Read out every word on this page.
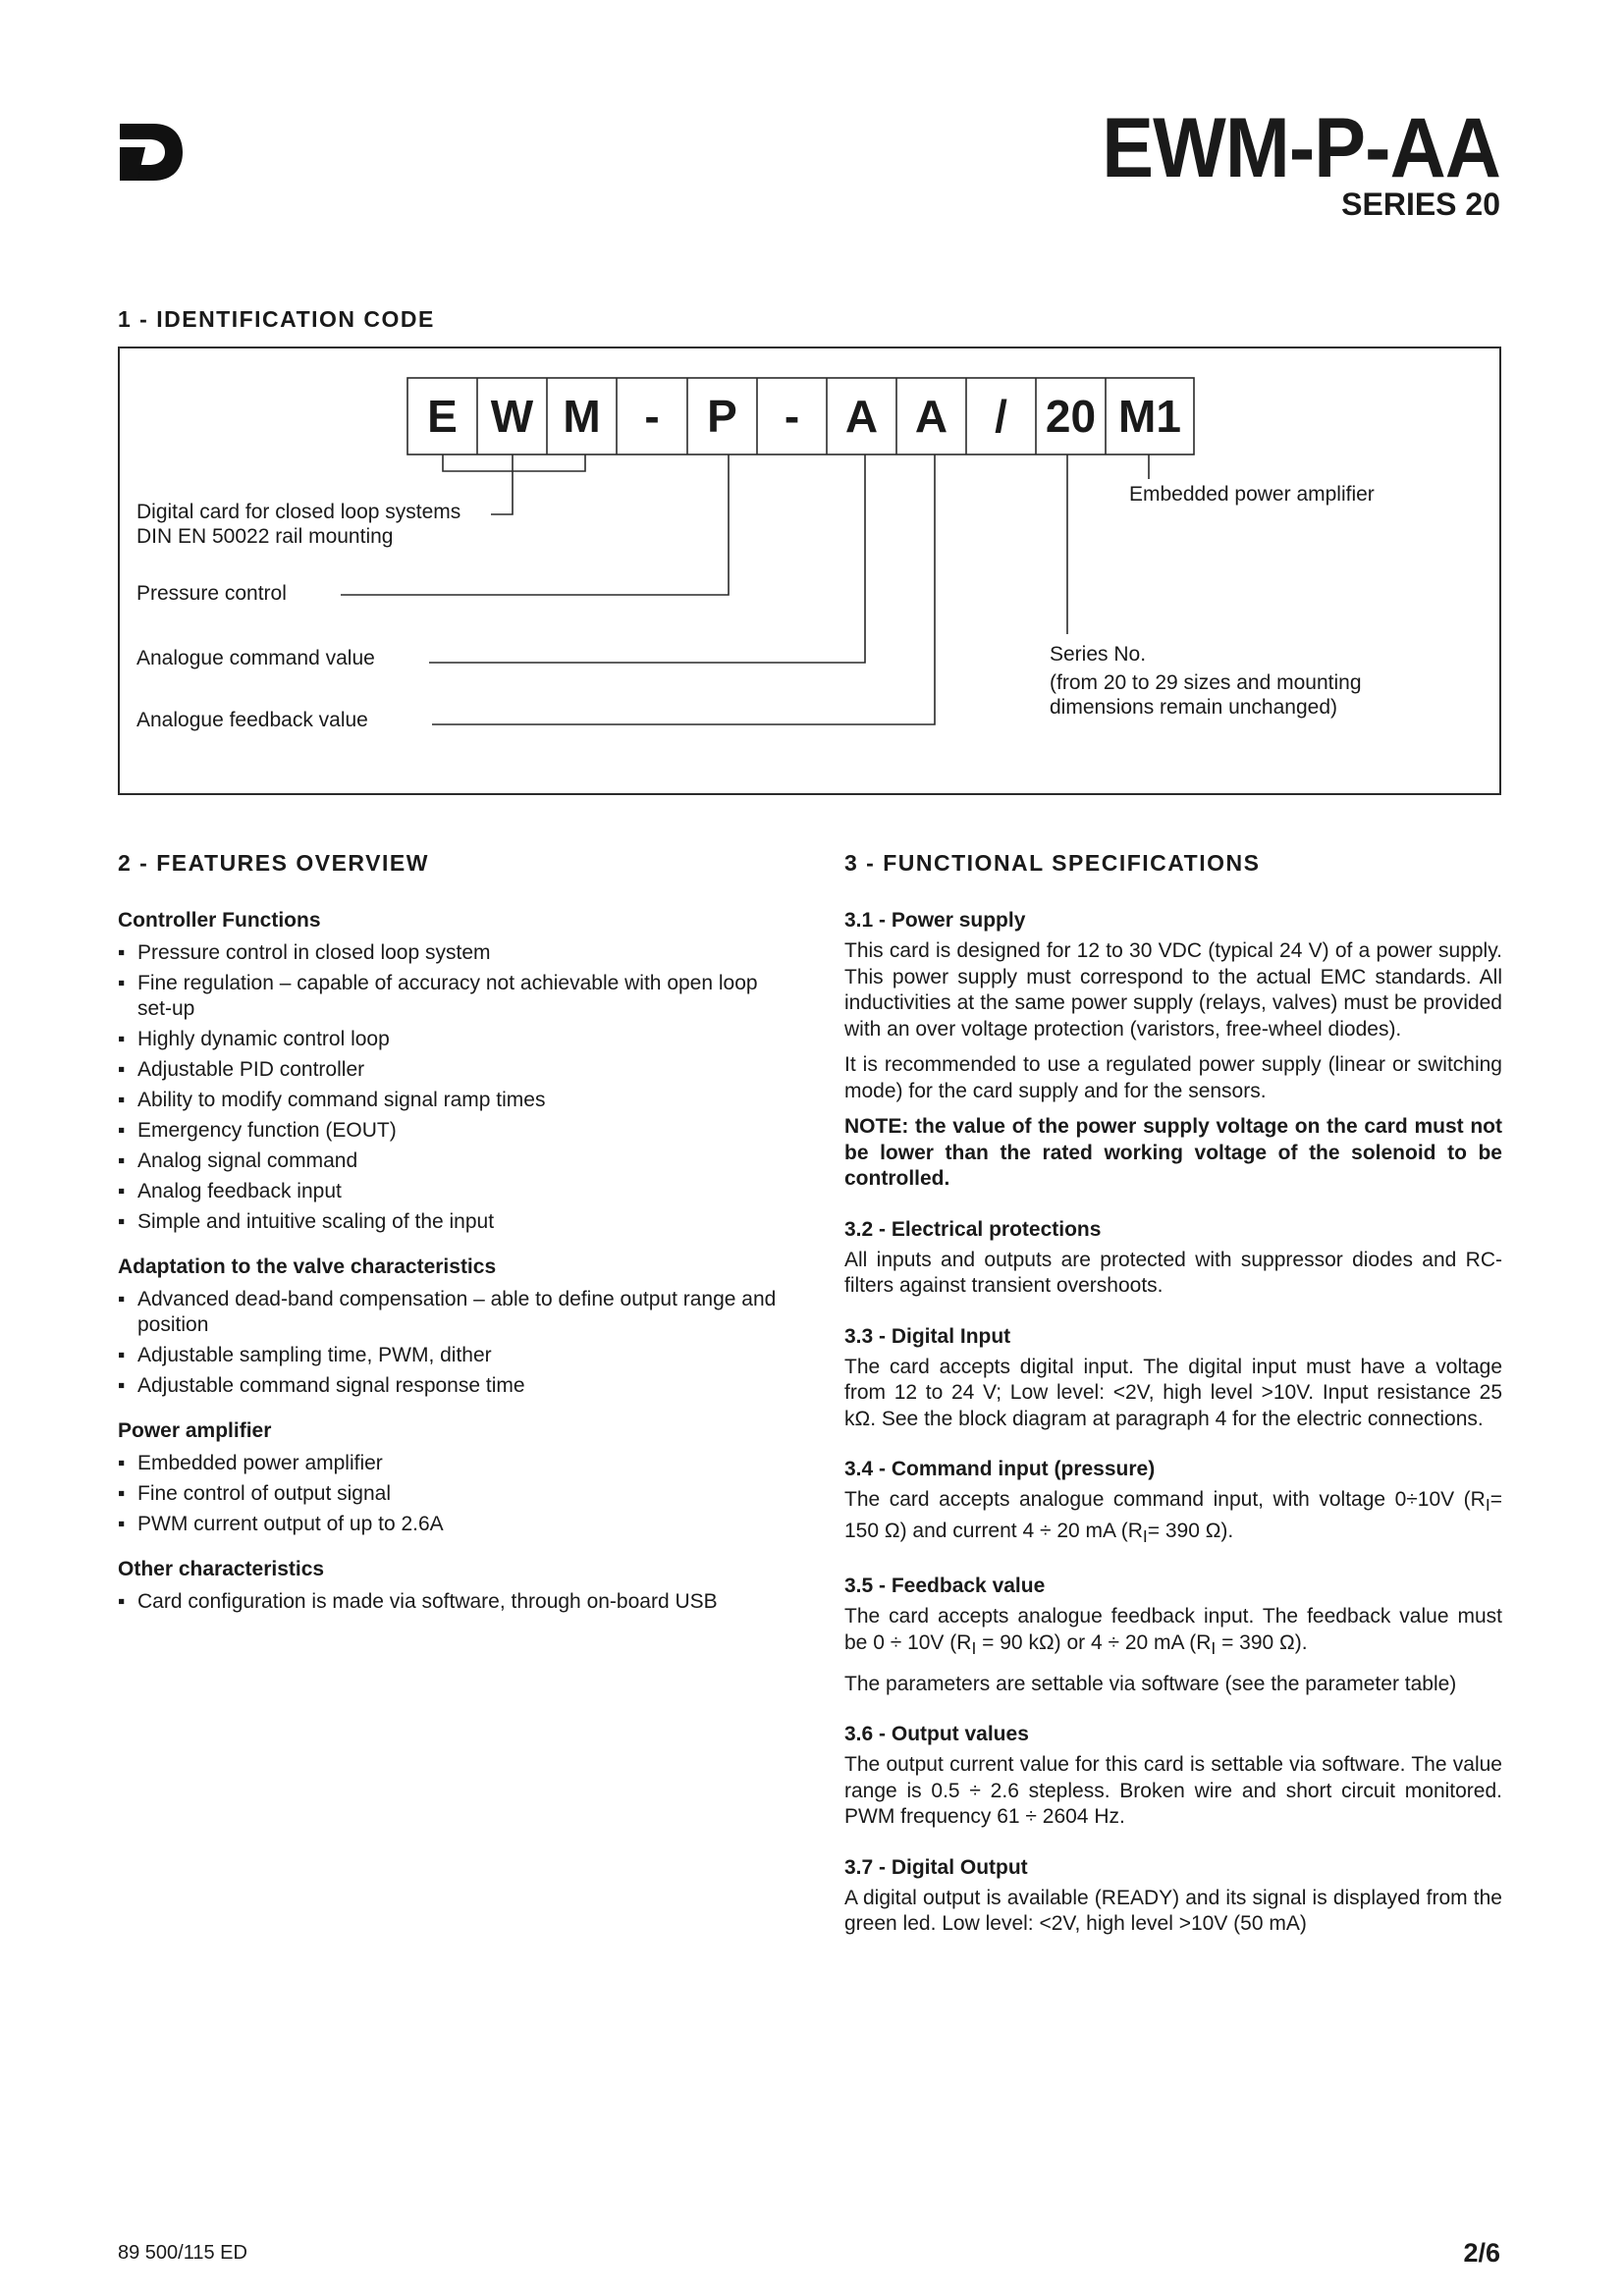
EWM-P-AA
SERIES 20
1 - IDENTIFICATION CODE
E W M -	P	-	A A	/ 20 M1
Digital card for closed loop systems
DIN EN 50022 rail mounting
Pressure control
Analogue command value
Analogue feedback value
Embedded power amplifier
Series No.
(from 20 to 29 sizes and mounting
dimensions remain unchanged)
2 - FEATURES OVERVIEW
Controller Functions
▪ Pressure control in closed loop system
▪ Fine regulation – capable of accuracy not achievable with open loop set-up
▪ Highly dynamic control loop
▪ Adjustable PID controller
▪ Ability to modify command signal ramp times
▪ Emergency function (EOUT)
▪ Analog signal command
▪ Analog feedback input
▪ Simple and intuitive scaling of the input
Adaptation to the valve characteristics
▪ Advanced dead-band compensation – able to define output range and position
▪ Adjustable sampling time, PWM, dither
▪ Adjustable command signal response time
Power amplifier
▪ Embedded power amplifier
▪ Fine control of output signal
▪ PWM current output of up to 2.6A
Other characteristics
▪ Card configuration is made via software, through on-board USB
3 - FUNCTIONAL SPECIFICATIONS
3.1 - Power supply

This card is designed for 12 to 30 VDC (typical 24 V) of a power supply. This power supply must correspond to the actual EMC standards. All inductivities at the same power supply (relays, valves) must be provided with an over voltage protection (varistors, free-wheel diodes).

It is recommended to use a regulated power supply (linear or switching mode) for the card supply and for the sensors.

NOTE: the value of the power supply voltage on the card must not be lower than the rated working voltage of the solenoid to be controlled.

3.2 - Electrical protections

All inputs and outputs are protected with suppressor diodes and RC-filters against transient overshoots.

3.3 - Digital Input

The card accepts digital input. The digital input must have a voltage from 12 to 24 V; Low level: <2V, high level >10V. Input resistance 25 kΩ. See the block diagram at paragraph 4 for the electric connections.

3.4 - Command input (pressure)

The card accepts analogue command input, with voltage 0÷10V ($R_I= 150$ Ω) and current 4 ÷ 20 mA ($R_I= 390$ Ω).

3.5 - Feedback value

The card accepts analogue feedback input. The feedback value must be 0 ÷ 10V ($R_I = 90$ kΩ) or 4 ÷ 20 mA ($R_I = 390$ Ω).

The parameters are settable via software (see the parameter table)

3.6 - Output values

The output current value for this card is settable via software. The value range is 0.5 ÷ 2.6 stepless. Broken wire and short circuit monitored. PWM frequency 61 ÷ 2604 Hz.

3.7 - Digital Output

A digital output is available (READY) and its signal is displayed from the green led. Low level: <2V, high level >10V (50 mA)

89 500/115 ED	2/6
